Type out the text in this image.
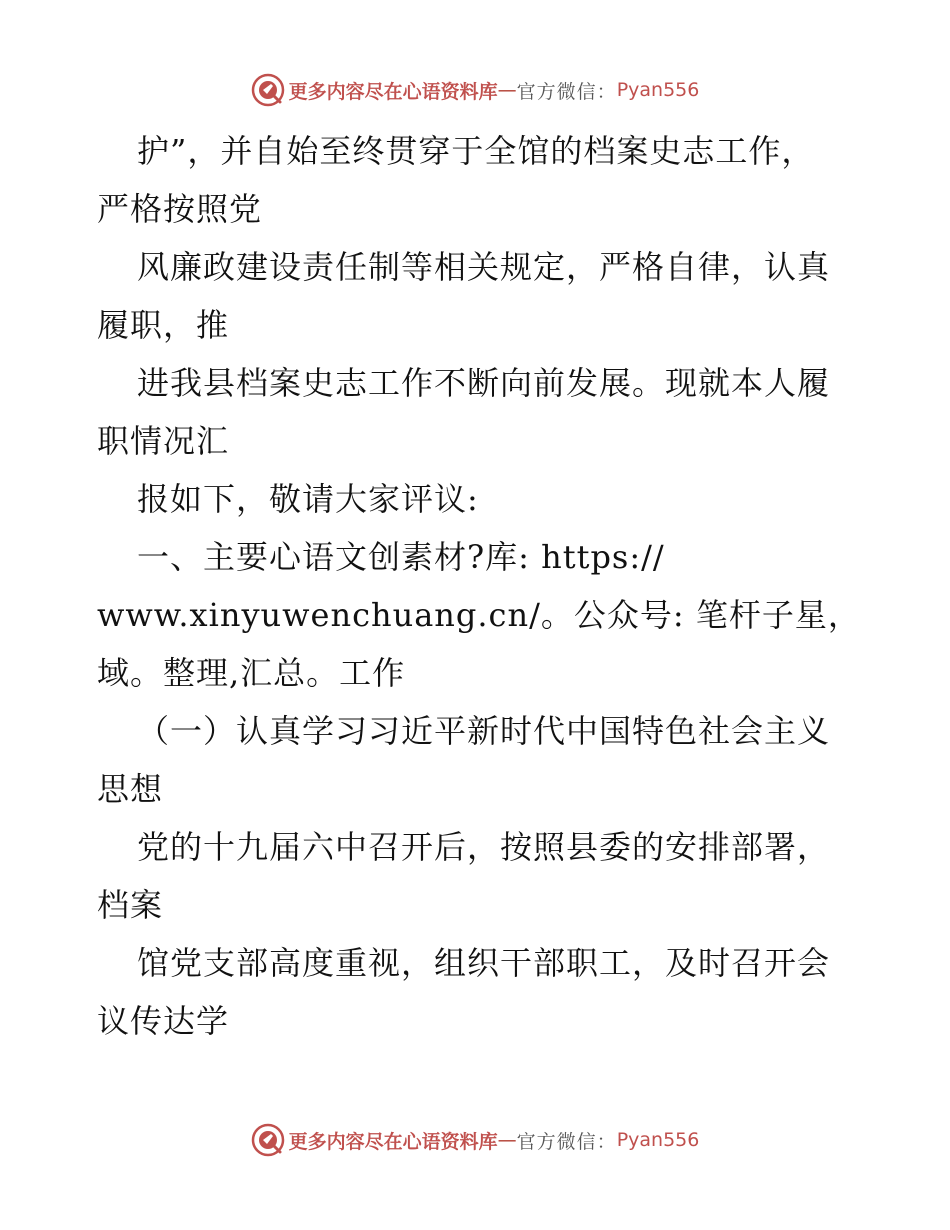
更多内容尽在心语资料库 — 官方微信： Pyan556
护”，并自始至终贯穿于全馆的档案史志工作，
严格按照党
风廉政建设责任制等相关规定，严格自律，认真
履职，推
进我县档案史志工作不断向前发展。现就本人履
职情况汇
报如下，敬请大家评议:
一、主要心语文创素材?库: https://
www.xinyuwenchuang.cn/。公众号: 笔杆子星，
域。整理,汇总。工作
（一）认真学习习近平新时代中国特色社会主义
思想
党的十九届六中召开后，按照县委的安排部署，
档案
馆党支部高度重视，组织干部职工，及时召开会
议传达学
更多内容尽在心语资料库 — 官方微信： Pyan556
